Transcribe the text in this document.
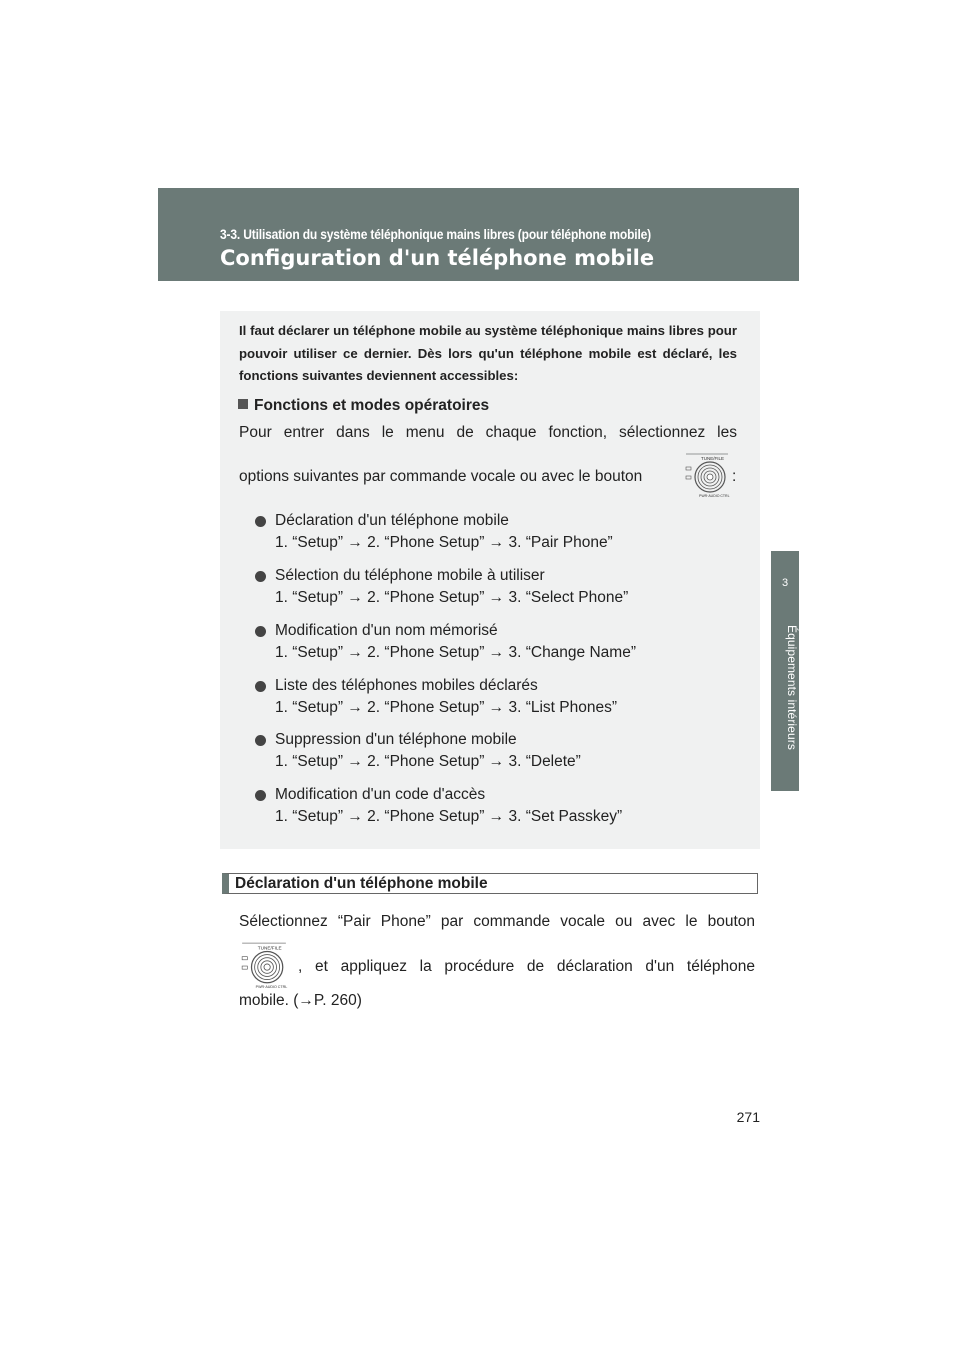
3-3. Utilisation du système téléphonique mains libres (pour téléphone mobile)
Configuration d'un téléphone mobile
3
Équipements intérieurs
Il faut déclarer un téléphone mobile au système téléphonique mains libres pour pouvoir utiliser ce dernier. Dès lors qu'un téléphone mobile est déclaré, les fonctions suivantes deviennent accessibles:
Fonctions et modes opératoires
Pour entrer dans le menu de chaque fonction, sélectionnez les
options suivantes par commande vocale ou avec le bouton
TUNE/FILE
PWR·AUDIO CTRL
:
Déclaration d'un téléphone mobile
1. “Setup” → 2. “Phone Setup” → 3. “Pair Phone”
Sélection du téléphone mobile à utiliser
1. “Setup” → 2. “Phone Setup” → 3. “Select Phone”
Modification d'un nom mémorisé
1. “Setup” → 2. “Phone Setup” → 3. “Change Name”
Liste des téléphones mobiles déclarés
1. “Setup” → 2. “Phone Setup” → 3. “List Phones”
Suppression d'un téléphone mobile
1. “Setup” → 2. “Phone Setup” → 3. “Delete”
Modification d'un code d'accès
1. “Setup” → 2. “Phone Setup” → 3. “Set Passkey”
Déclaration d'un téléphone mobile
Sélectionnez “Pair Phone” par commande vocale ou avec le bouton
TUNE/FILE
PWR·AUDIO CTRL
, et appliquez la procédure de déclaration d'un téléphone
mobile. (→P. 260)
271
